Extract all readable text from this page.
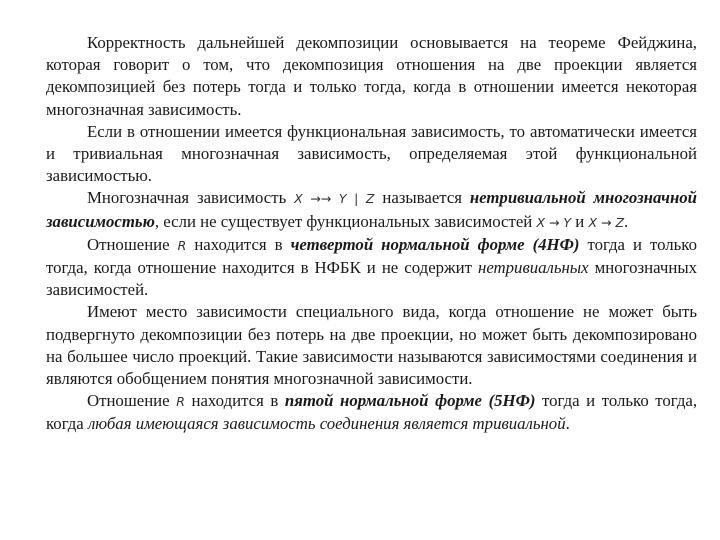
Корректность дальнейшей декомпозиции основывается на теореме Фейджина, которая говорит о том, что декомпозиция отношения на две проекции является декомпозицией без потерь тогда и только тогда, когда в отношении имеется некоторая многозначная зависимость.

Если в отношении имеется функциональная зависимость, то автоматически имеется и тривиальная многозначная зависимость, определяемая этой функциональной зависимостью.

Многозначная зависимость X →→ Y | Z называется нетривиальной многозначной зависимостью, если не существует функциональных зависимостей X → Y и X → Z.

Отношение R находится в четвертой нормальной форме (4НФ) тогда и только тогда, когда отношение находится в НФБК и не содержит нетривиальных многозначных зависимостей.

Имеют место зависимости специального вида, когда отношение не может быть подвергнуто декомпозиции без потерь на две проекции, но может быть декомпозировано на большее число проекций. Такие зависимости называются зависимостями соединения и являются обобщением понятия многозначной зависимости.

Отношение R находится в пятой нормальной форме (5НФ) тогда и только тогда, когда любая имеющаяся зависимость соединения является тривиальной.
